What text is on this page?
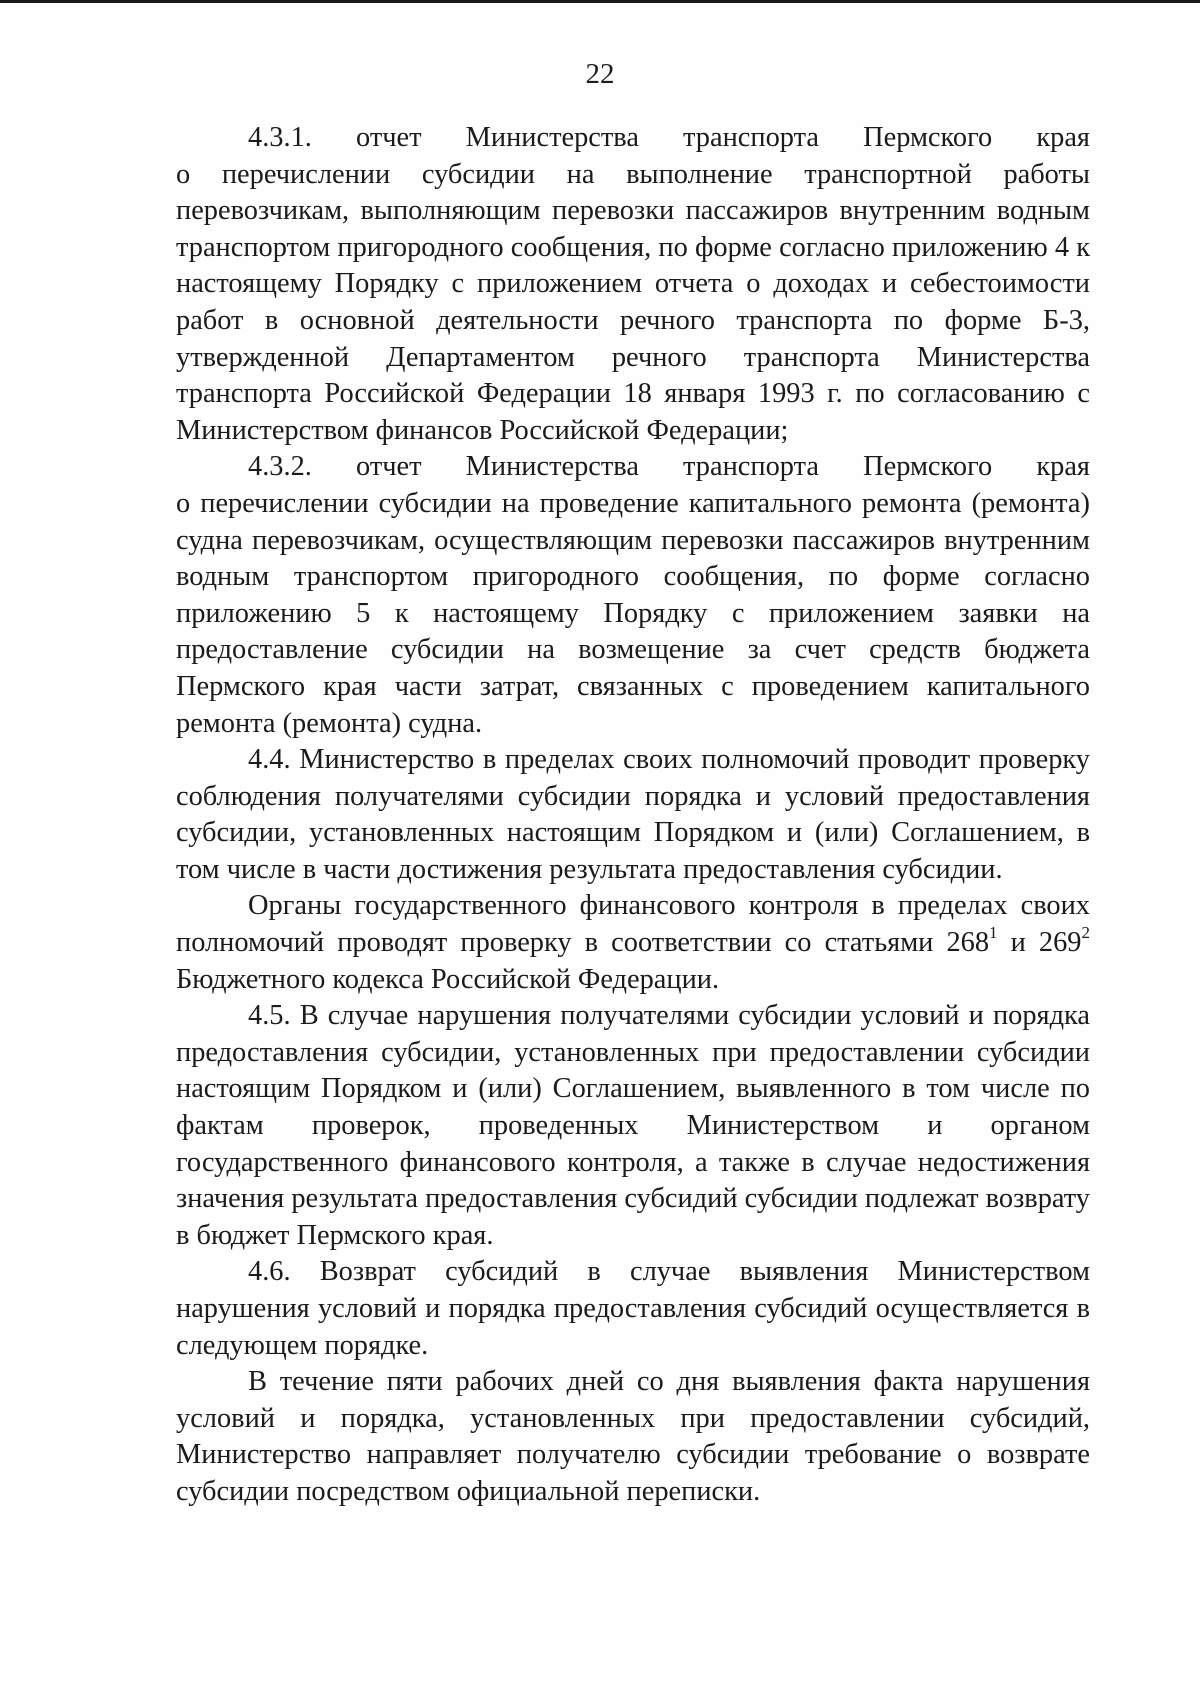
22

4.3.1. отчет Министерства транспорта Пермского края

о перечислении субсидии на выполнение транспортной работы перевозчикам, выполняющим перевозки пассажиров внутренним водным транспортом пригородного сообщения, по форме согласно приложению 4 к настоящему Порядку с приложением отчета о доходах и себестоимости работ в основной деятельности речного транспорта по форме Б-3, утвержденной Департаментом речного транспорта Министерства транспорта Российской Федерации 18 января 1993 г. по согласованию с Министерством финансов Российской Федерации;

4.3.2. отчет Министерства транспорта Пермского края

о перечислении субсидии на проведение капитального ремонта (ремонта) судна перевозчикам, осуществляющим перевозки пассажиров внутренним водным транспортом пригородного сообщения, по форме согласно приложению 5 к настоящему Порядку с приложением заявки на предоставление субсидии на возмещение за счет средств бюджета Пермского края части затрат, связанных с проведением капитального ремонта (ремонта) судна.

4.4. Министерство в пределах своих полномочий проводит проверку соблюдения получателями субсидии порядка и условий предоставления субсидии, установленных настоящим Порядком и (или) Соглашением, в том числе в части достижения результата предоставления субсидии.

Органы государственного финансового контроля в пределах своих полномочий проводят проверку в соответствии со статьями $268^1$ и $269^2$ Бюджетного кодекса Российской Федерации.

4.5. В случае нарушения получателями субсидии условий и порядка предоставления субсидии, установленных при предоставлении субсидии настоящим Порядком и (или) Соглашением, выявленного в том числе по фактам проверок, проведенных Министерством и органом государственного финансового контроля, а также в случае недостижения значения результата предоставления субсидий субсидии подлежат возврату в бюджет Пермского края.

4.6. Возврат субсидий в случае выявления Министерством нарушения условий и порядка предоставления субсидий осуществляется в следующем порядке.

В течение пяти рабочих дней со дня выявления факта нарушения условий и порядка, установленных при предоставлении субсидий, Министерство направляет получателю субсидии требование о возврате субсидии посредством официальной переписки.
